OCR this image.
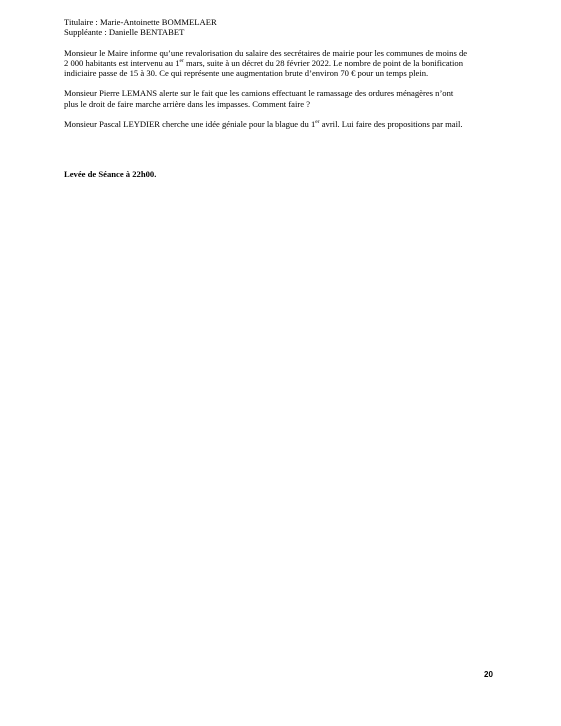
Titulaire : Marie-Antoinette BOMMELAER
Suppléante : Danielle BENTABET
Monsieur le Maire informe qu’une revalorisation du salaire des secrétaires de mairie pour les communes de moins de
2 000 habitants est intervenu au 1er mars, suite à un décret du 28 février 2022. Le nombre de point de la bonification
indiciaire passe de 15 à 30. Ce qui représente une augmentation brute d’environ 70 € pour un temps plein.
Monsieur Pierre LEMANS alerte sur le fait que les camions effectuant le ramassage des ordures ménagères n’ont
plus le droit de faire marche arrière dans les impasses. Comment faire ?
Monsieur Pascal LEYDIER cherche une idée géniale pour la blague du 1er avril. Lui faire des propositions par mail.
Levée de Séance à 22h00.
20
